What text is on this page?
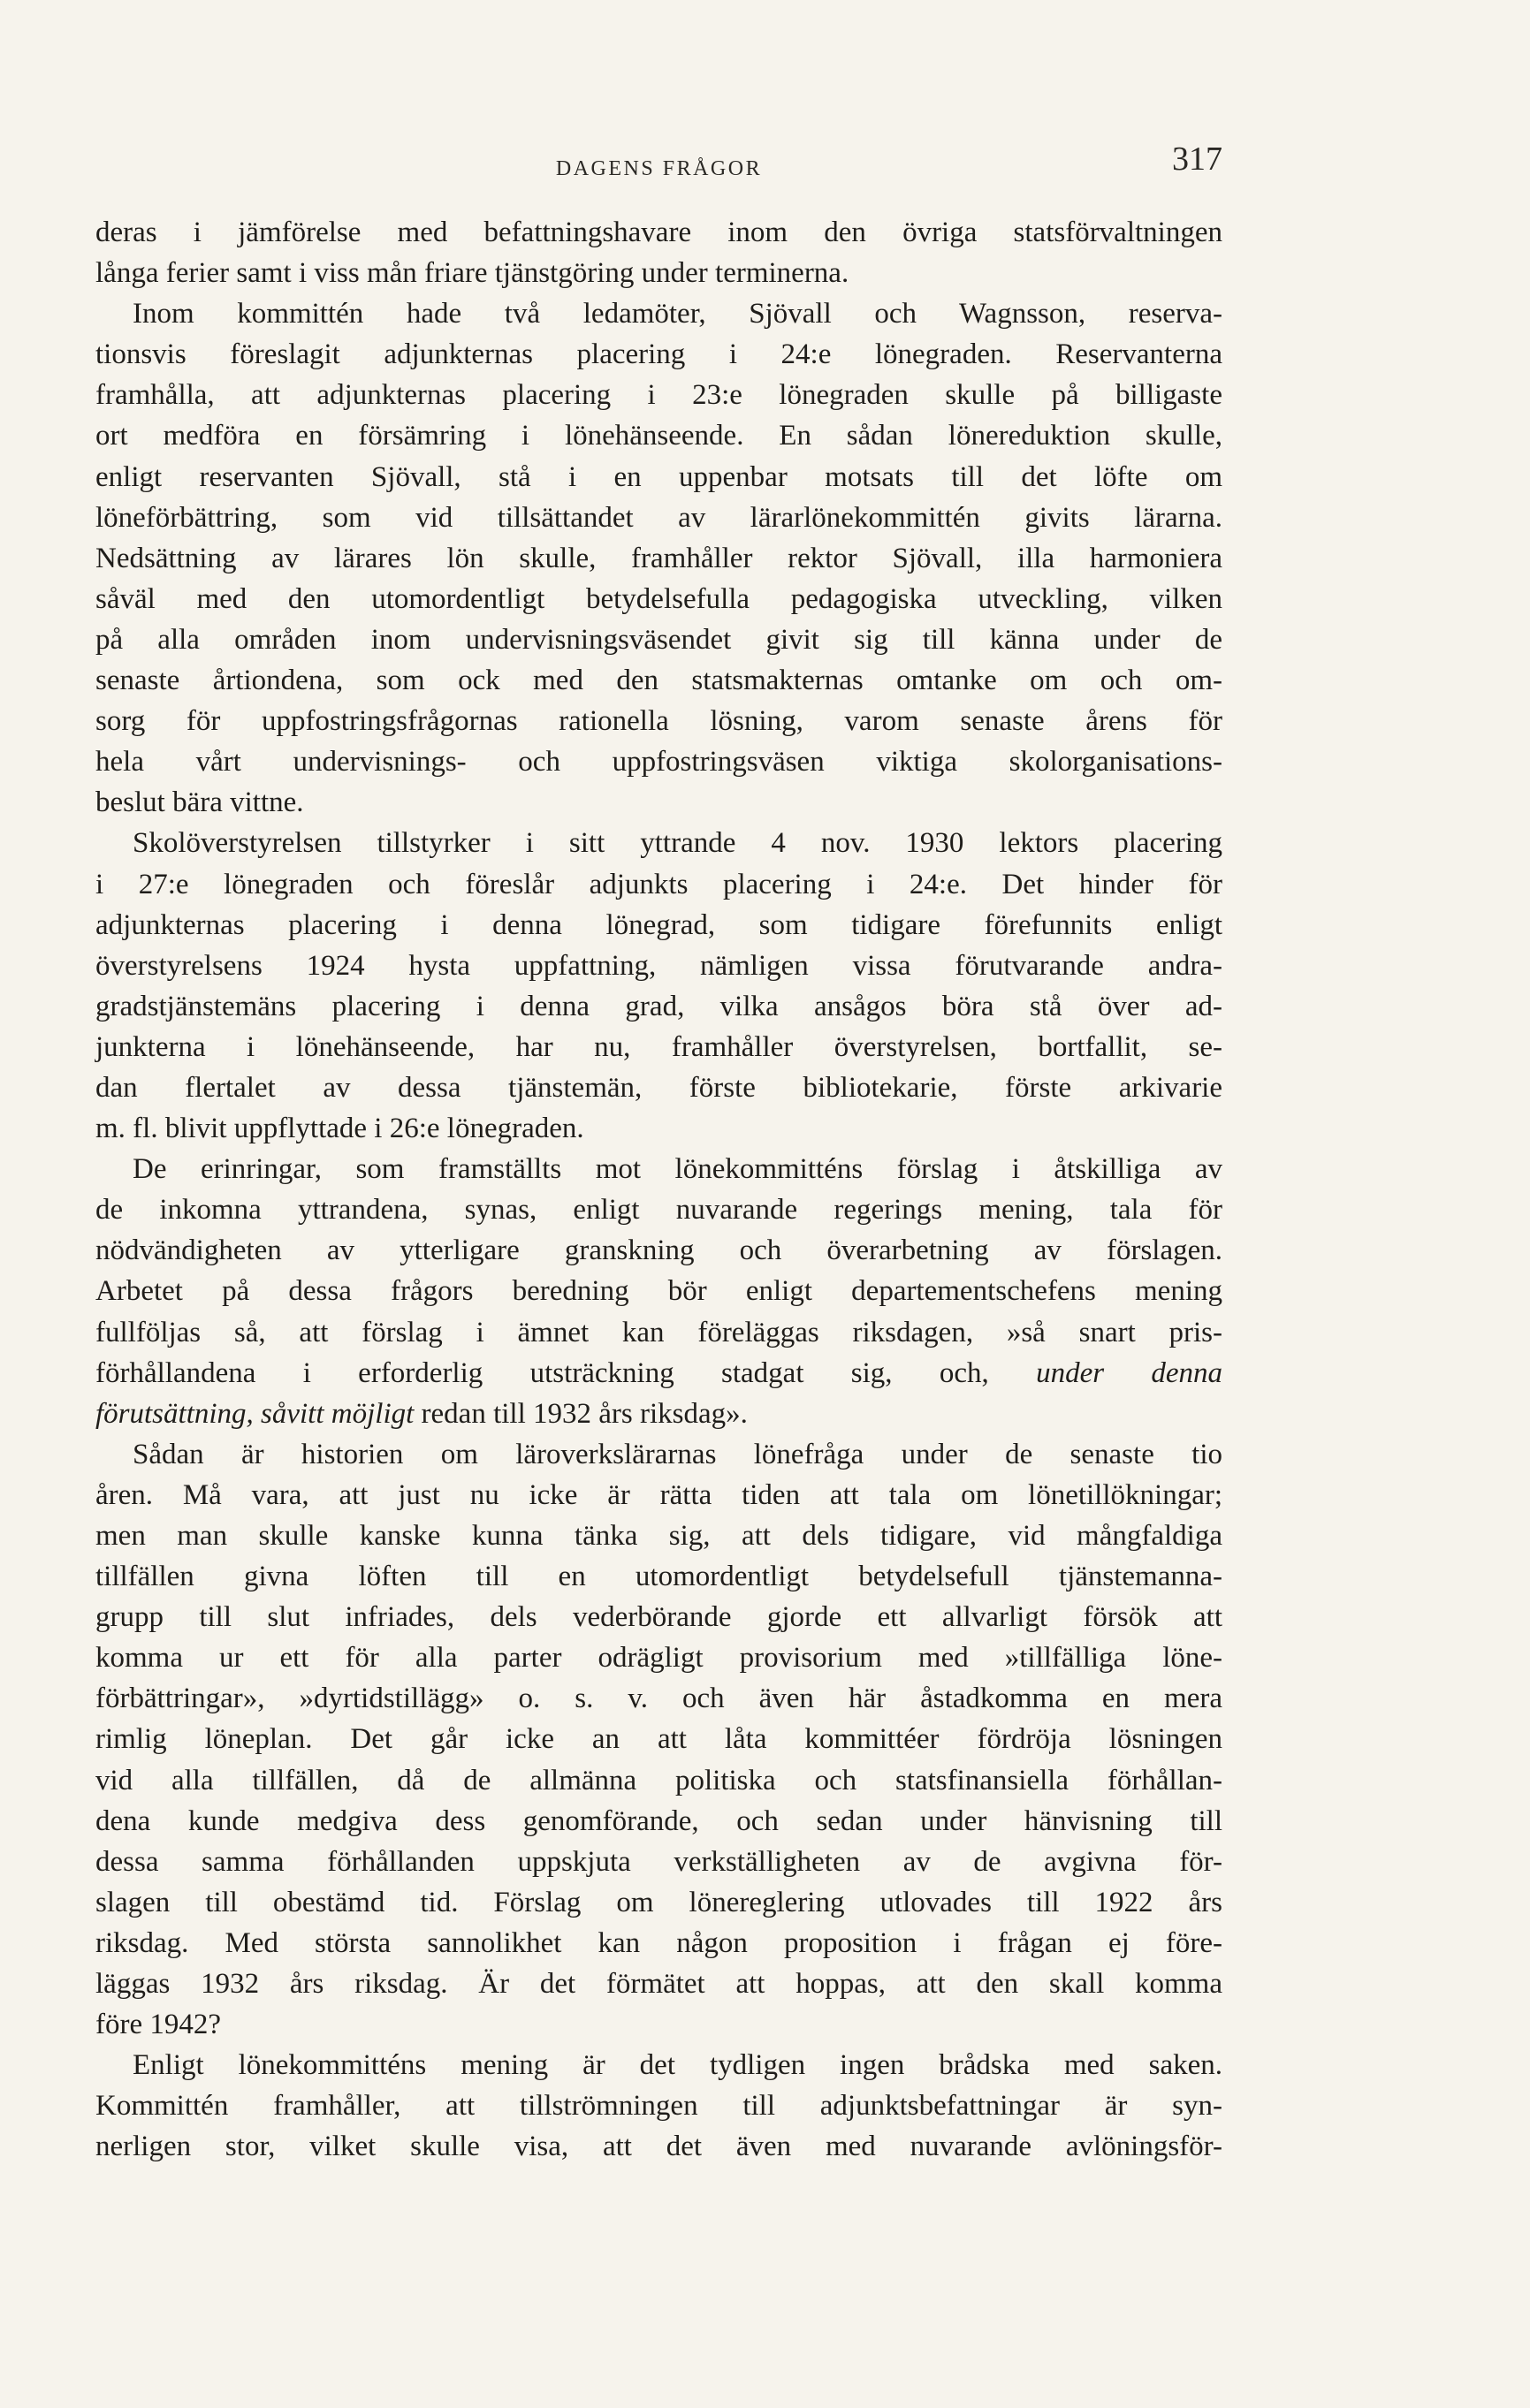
DAGENS FRÅGOR	317
deras i jämförelse med befattningshavare inom den övriga statsförvaltningen
långa ferier samt i viss mån friare tjänstgöring under terminerna.
Inom kommittén hade två ledamöter, Sjövall och Wagnsson, reserva-
tionsvis föreslagit adjunkternas placering i 24:e lönegraden. Reservanterna
framhålla, att adjunkternas placering i 23:e lönegraden skulle på billigaste
ort medföra en försämring i lönehänseende. En sådan lönereduktion skulle,
enligt reservanten Sjövall, stå i en uppenbar motsats till det löfte om
löneförbättring, som vid tillsättandet av lärarlönekommittén givits lärarna.
Nedsättning av lärares lön skulle, framhåller rektor Sjövall, illa harmoniera
såväl med den utomordentligt betydelsefulla pedagogiska utveckling, vilken
på alla områden inom undervisningsväsendet givit sig till känna under de
senaste årtiondena, som ock med den statsmakternas omtanke om och om-
sorg för uppfostringsfrågornas rationella lösning, varom senaste årens för
hela vårt undervisnings- och uppfostringsväsen viktiga skolorganisations-
beslut bära vittne.
Skolöverstyrelsen tillstyrker i sitt yttrande 4 nov. 1930 lektors placering
i 27:e lönegraden och föreslår adjunkts placering i 24:e. Det hinder för
adjunkternas placering i denna lönegrad, som tidigare förefunnits enligt
överstyrelsens 1924 hysta uppfattning, nämligen vissa förutvarande andra-
gradstjänstemäns placering i denna grad, vilka ansågos böra stå över ad-
junkterna i lönehänseende, har nu, framhåller överstyrelsen, bortfallit, se-
dan flertalet av dessa tjänstemän, förste bibliotekarie, förste arkivarie
m. fl. blivit uppflyttade i 26:e lönegraden.
De erinringar, som framställts mot lönekommitténs förslag i åtskilliga av
de inkomna yttrandena, synas, enligt nuvarande regerings mening, tala för
nödvändigheten av ytterligare granskning och överarbetning av förslagen.
Arbetet på dessa frågors beredning bör enligt departementschefens mening
fullföljas så, att förslag i ämnet kan föreläggas riksdagen, »så snart pris-
förhållandena i erforderlig utsträckning stadgat sig, och, under denna
förutsättning, såvitt möjligt redan till 1932 års riksdag».
Sådan är historien om läroverkslärarnas lönefråga under de senaste tio
åren. Må vara, att just nu icke är rätta tiden att tala om lönetillökningar;
men man skulle kanske kunna tänka sig, att dels tidigare, vid mångfaldiga
tillfällen givna löften till en utomordentligt betydelsefull tjänstemanna-
grupp till slut infriades, dels vederbörande gjorde ett allvarligt försök att
komma ur ett för alla parter odrägligt provisorium med »tillfälliga löne-
förbättringar», »dyrtidstillägg» o. s. v. och även här åstadkomma en mera
rimlig löneplan. Det går icke an att låta kommittéer fördröja lösningen
vid alla tillfällen, då de allmänna politiska och statsfinansiella förhållan-
dena kunde medgiva dess genomförande, och sedan under hänvisning till
dessa samma förhållanden uppskjuta verkställigheten av de avgivna för-
slagen till obestämd tid. Förslag om lönereglering utlovades till 1922 års
riksdag. Med största sannolikhet kan någon proposition i frågan ej före-
läggas 1932 års riksdag. Är det förmätet att hoppas, att den skall komma
före 1942?
Enligt lönekommitténs mening är det tydligen ingen brådska med saken.
Kommittén framhåller, att tillströmningen till adjunktsbefattningar är syn-
nerligen stor, vilket skulle visa, att det även med nuvarande avlöningsför-
